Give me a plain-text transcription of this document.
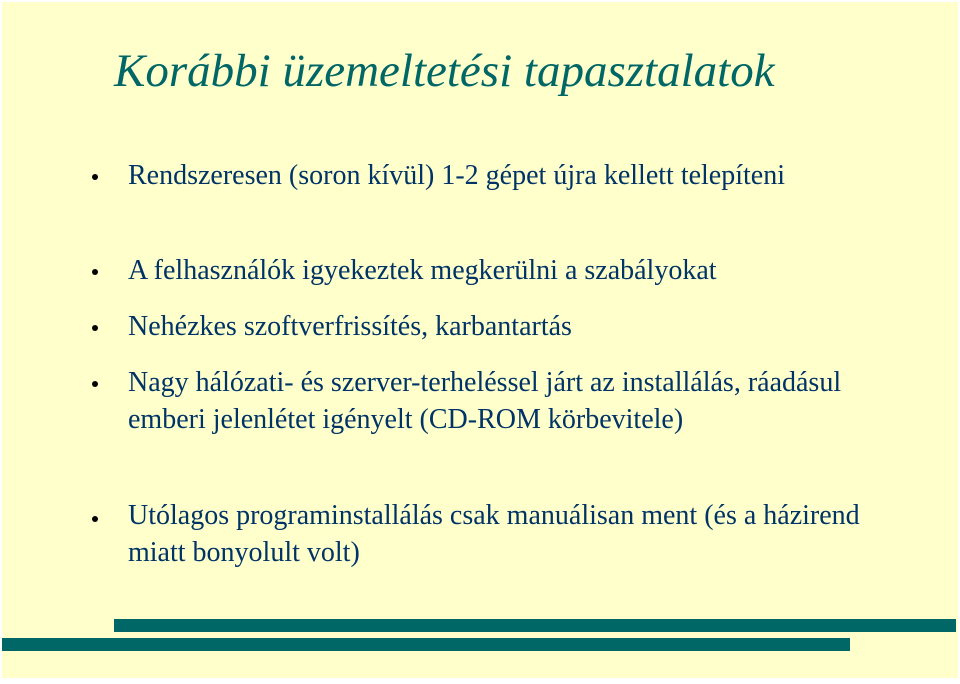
Korábbi üzemeltetési tapasztalatok
Rendszeresen (soron kívül) 1-2 gépet újra kellett telepíteni
A felhasználók igyekeztek megkerülni a szabályokat
Nehézkes szoftverfrissítés, karbantartás
Nagy hálózati- és szerver-terheléssel járt az installálás, ráadásul emberi jelenlétet igényelt (CD-ROM körbevitele)
Utólagos programinstallálás csak manuálisan ment (és a házirend miatt bonyolult volt)
